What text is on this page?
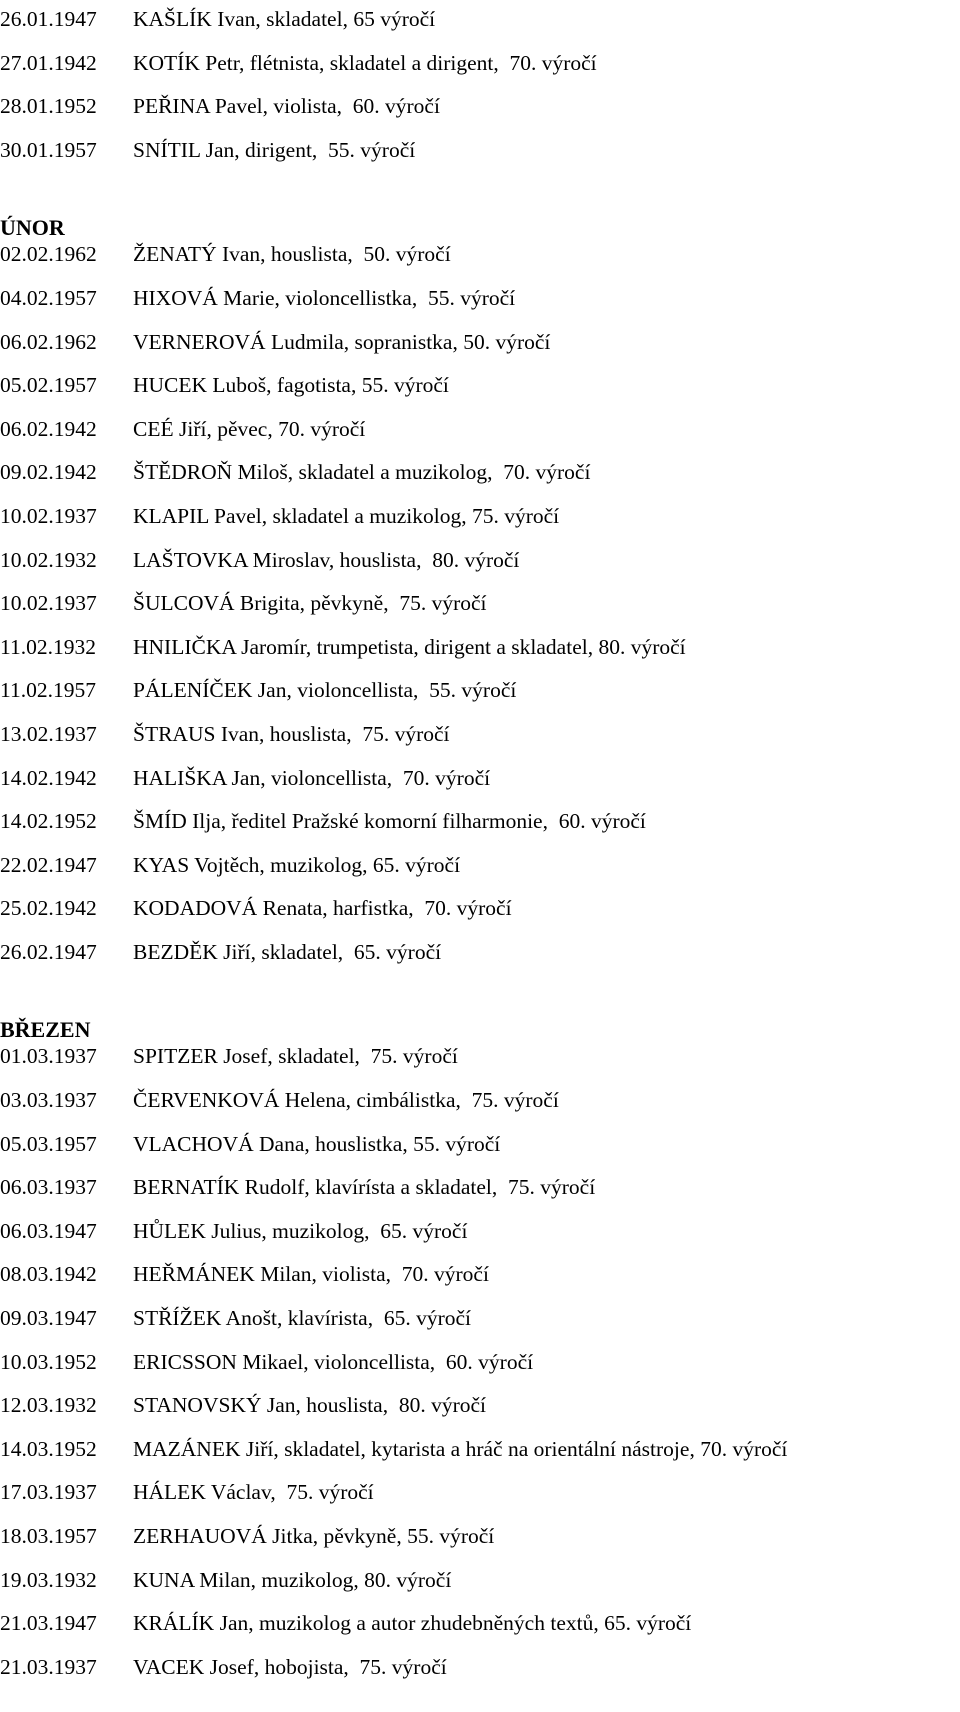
26.01.1947 KAŠLÍK Ivan, skladatel, 65 výročí
27.01.1942 KOTÍK Petr, flétnista, skladatel a dirigent,  70. výročí
28.01.1952 PEŘINA Pavel, violista,  60. výročí
30.01.1957 SNÍTIL Jan, dirigent,  55. výročí
ÚNOR
02.02.1962 ŽENATÝ Ivan, houslista,  50. výročí
04.02.1957 HIXOVÁ Marie, violoncellistka,  55. výročí
06.02.1962 VERNEROVÁ Ludmila, sopranistka, 50. výročí
05.02.1957 HUCEK Luboš, fagotista, 55. výročí
06.02.1942 CEÉ Jiří, pěvec, 70. výročí
09.02.1942 ŠTĚDROŇ Miloš, skladatel a muzikolog,  70. výročí
10.02.1937 KLAPIL Pavel, skladatel a muzikolog, 75. výročí
10.02.1932 LAŠTOVKA Miroslav, houslista,  80. výročí
10.02.1937 ŠULCOVÁ Brigita, pěvkyně,  75. výročí
11.02.1932 HNILIČKA Jaromír, trumpetista, dirigent a skladatel, 80. výročí
11.02.1957 PÁLENÍČEK Jan, violoncellista,  55. výročí
13.02.1937 ŠTRAUS Ivan, houslista,  75. výročí
14.02.1942 HALIŠKA Jan, violoncellista,  70. výročí
14.02.1952 ŠMÍD Ilja, ředitel Pražské komorní filharmonie,  60. výročí
22.02.1947 KYAS Vojtěch, muzikolog, 65. výročí
25.02.1942 KODADOVÁ Renata, harfistka,  70. výročí
26.02.1947 BEZDĚK Jiří, skladatel,  65. výročí
BŘEZEN
01.03.1937 SPITZER Josef, skladatel,  75. výročí
03.03.1937 ČERVENKOVÁ Helena, cimbálistka,  75. výročí
05.03.1957 VLACHOVÁ Dana, houslistka, 55. výročí
06.03.1937 BERNATÍK Rudolf, klavírísta a skladatel,  75. výročí
06.03.1947 HŮLEK Julius, muzikolog,  65. výročí
08.03.1942 HEŘMÁNEK Milan, violista,  70. výročí
09.03.1947 STŘÍŽEK Anošt, klavírista,  65. výročí
10.03.1952 ERICSSON Mikael, violoncellista,  60. výročí
12.03.1932 STANOVSKÝ Jan, houslista,  80. výročí
14.03.1952 MAZÁNEK Jiří, skladatel, kytarista a hráč na orientální nástroje, 70. výročí
17.03.1937 HÁLEK Václav,  75. výročí
18.03.1957 ZERHAUOVÁ Jitka, pěvkyně, 55. výročí
19.03.1932 KUNA Milan, muzikolog, 80. výročí
21.03.1947 KRÁLÍK Jan, muzikolog a autor zhudebněných textů, 65. výročí
21.03.1937 VACEK Josef, hobojista,  75. výročí
